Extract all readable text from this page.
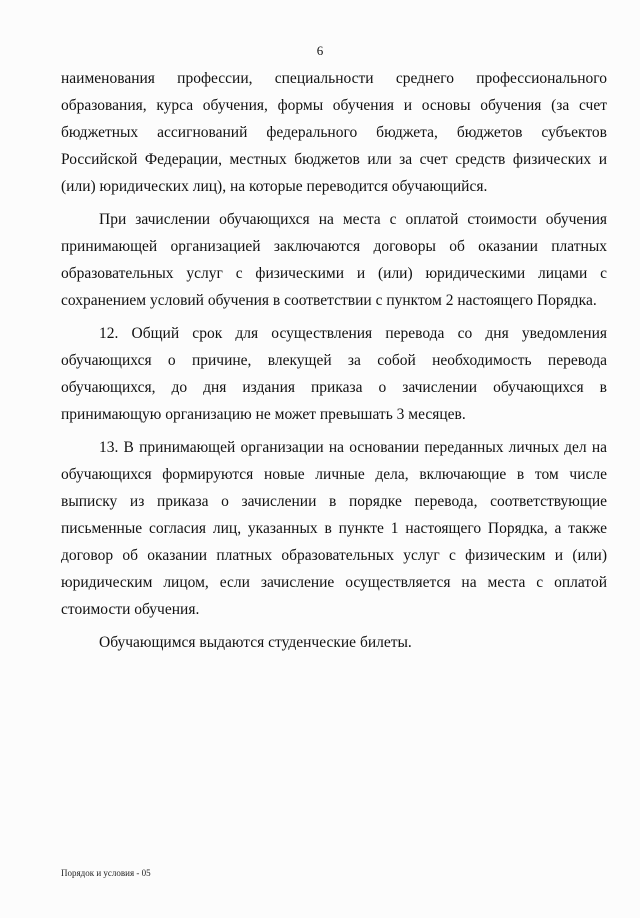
6

наименования профессии, специальности среднего профессионального образования, курса обучения, формы обучения и основы обучения (за счет бюджетных ассигнований федерального бюджета, бюджетов субъектов Российской Федерации, местных бюджетов или за счет средств физических и (или) юридических лиц), на которые переводится обучающийся.

При зачислении обучающихся на места с оплатой стоимости обучения принимающей организацией заключаются договоры об оказании платных образовательных услуг с физическими и (или) юридическими лицами с сохранением условий обучения в соответствии с пунктом 2 настоящего Порядка.

12. Общий срок для осуществления перевода со дня уведомления обучающихся о причине, влекущей за собой необходимость перевода обучающихся, до дня издания приказа о зачислении обучающихся в принимающую организацию не может превышать 3 месяцев.

13. В принимающей организации на основании переданных личных дел на обучающихся формируются новые личные дела, включающие в том числе выписку из приказа о зачислении в порядке перевода, соответствующие письменные согласия лиц, указанных в пункте 1 настоящего Порядка, а также договор об оказании платных образовательных услуг с физическим и (или) юридическим лицом, если зачисление осуществляется на места с оплатой стоимости обучения.

Обучающимся выдаются студенческие билеты.

Порядок и условия - 05
